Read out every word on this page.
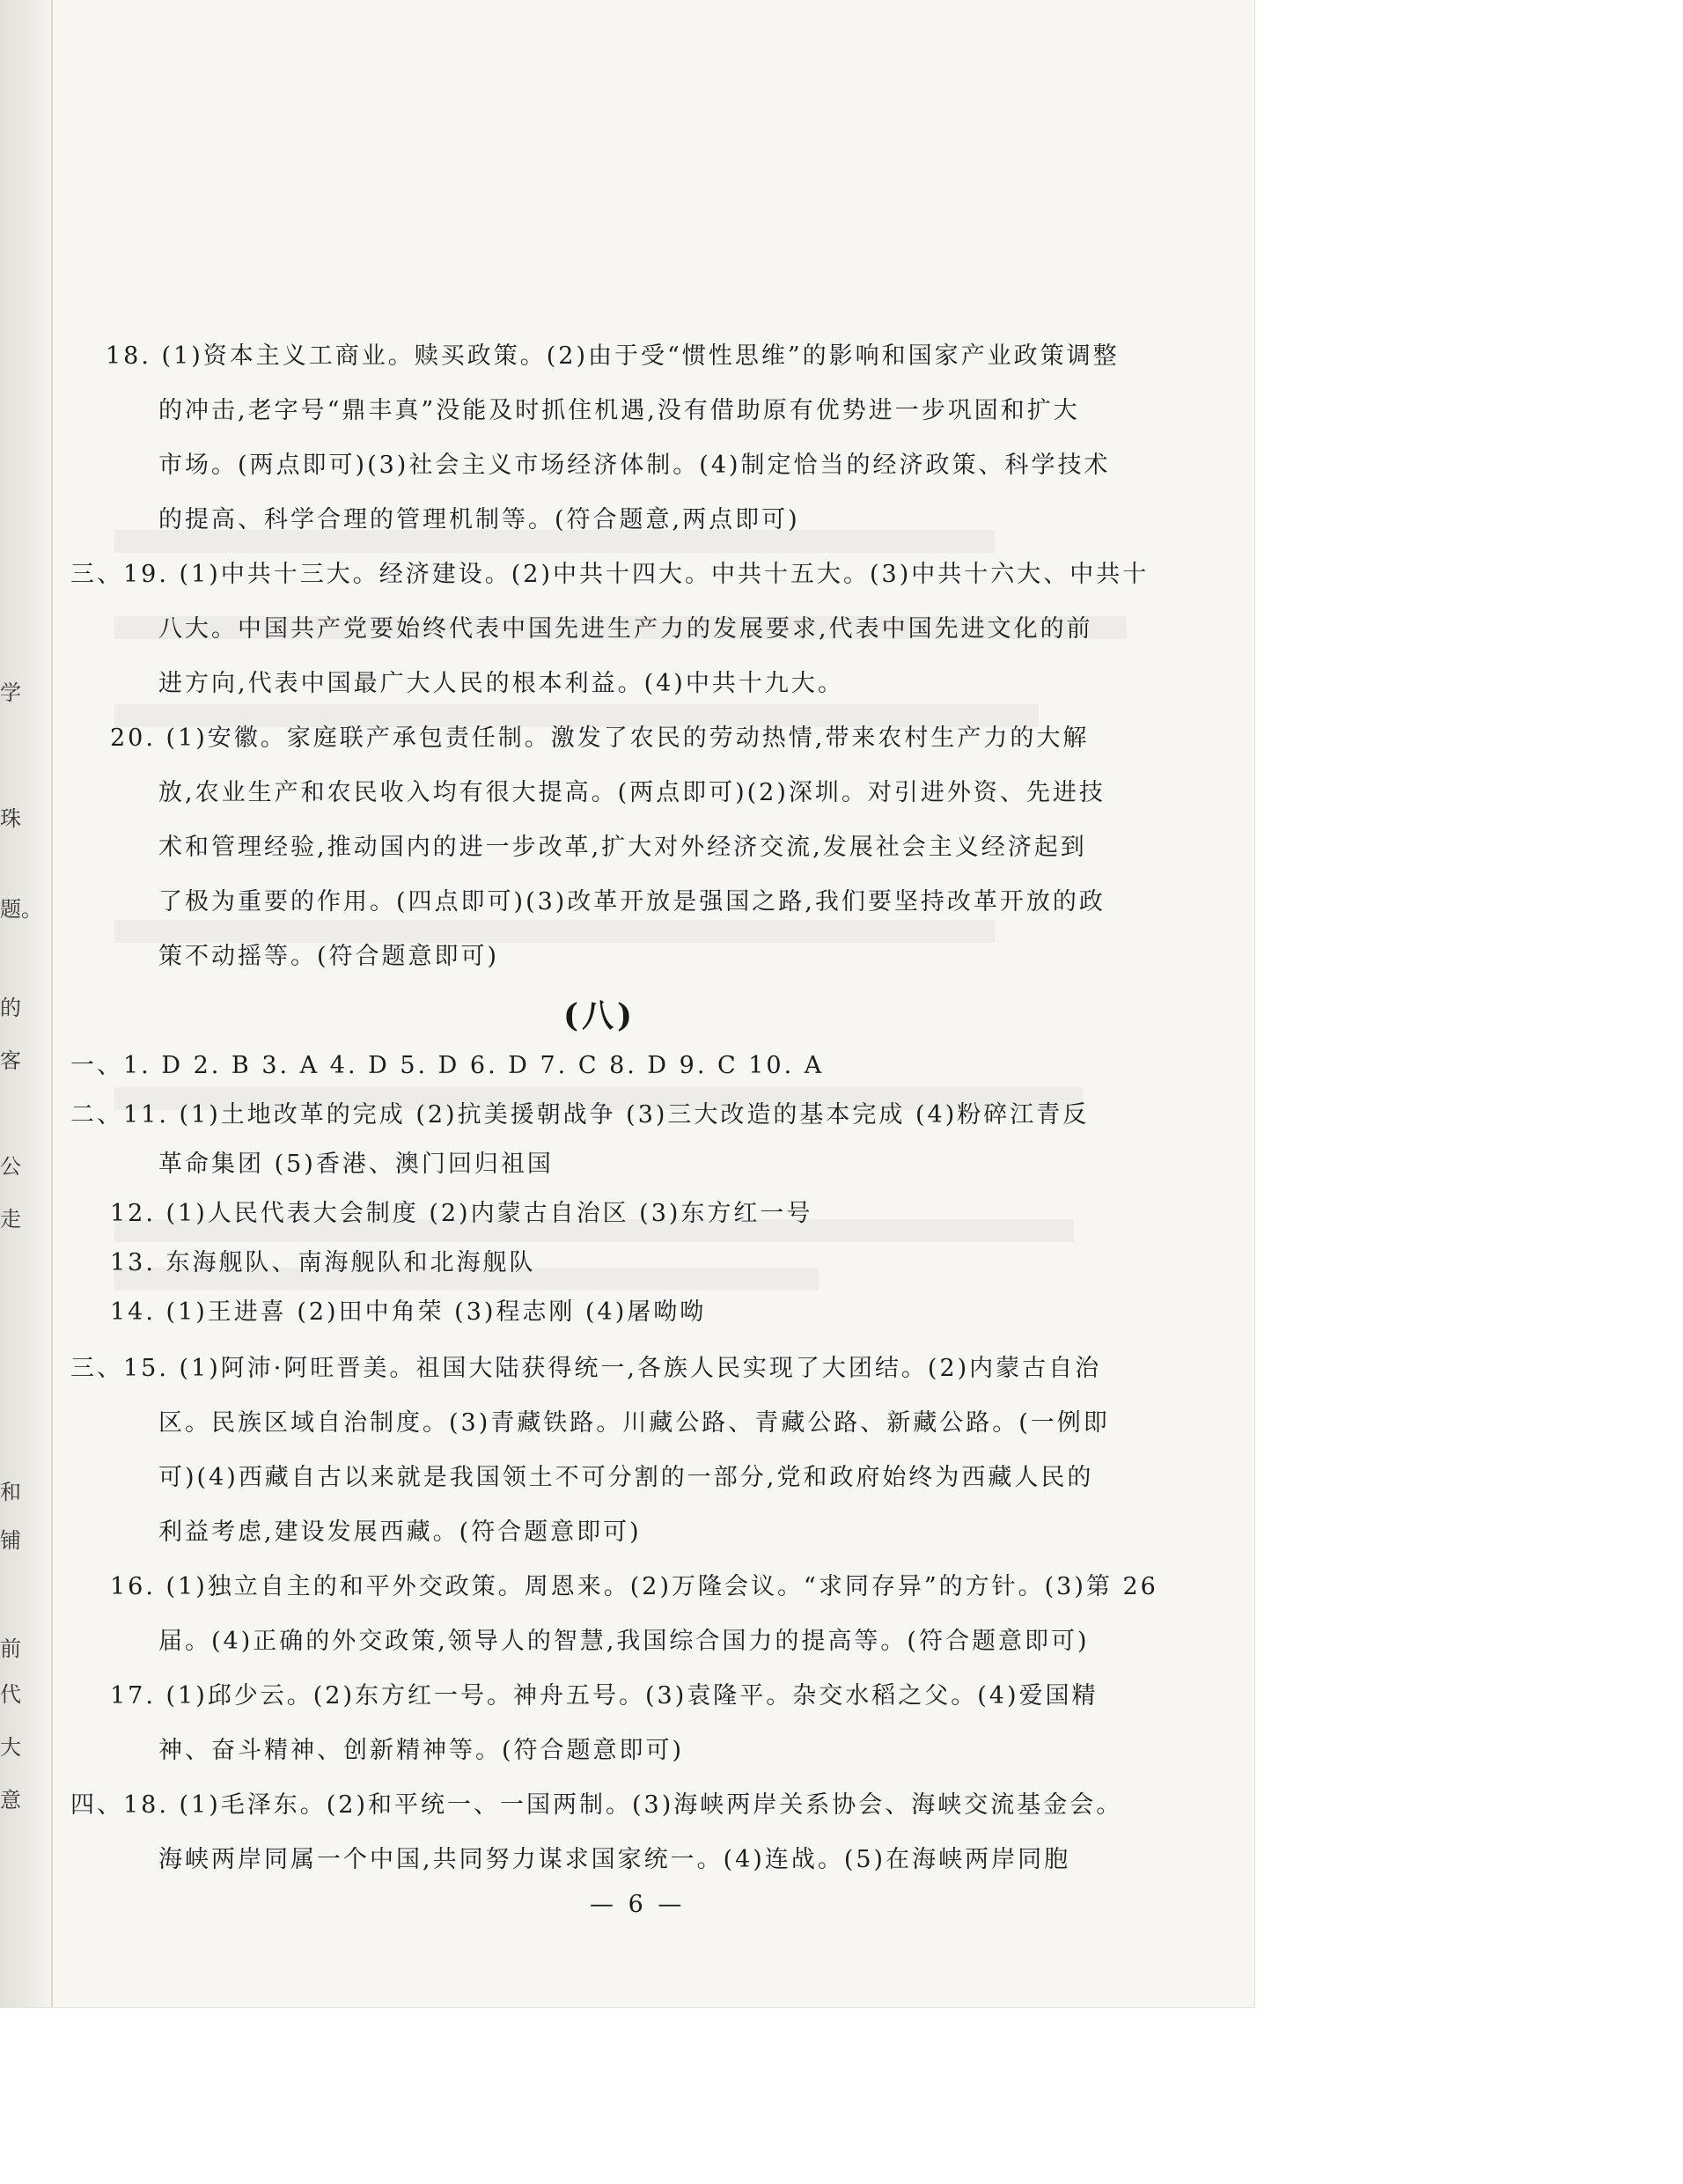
学
珠
题。
的
客
公
走
和
铺
前
代
大
意
18. (1)资本主义工商业。赎买政策。(2)由于受“惯性思维”的影响和国家产业政策调整
的冲击,老字号“鼎丰真”没能及时抓住机遇,没有借助原有优势进一步巩固和扩大
市场。(两点即可)(3)社会主义市场经济体制。(4)制定恰当的经济政策、科学技术
的提高、科学合理的管理机制等。(符合题意,两点即可)
三、19. (1)中共十三大。经济建设。(2)中共十四大。中共十五大。(3)中共十六大、中共十
八大。中国共产党要始终代表中国先进生产力的发展要求,代表中国先进文化的前
进方向,代表中国最广大人民的根本利益。(4)中共十九大。
20. (1)安徽。家庭联产承包责任制。激发了农民的劳动热情,带来农村生产力的大解
放,农业生产和农民收入均有很大提高。(两点即可)(2)深圳。对引进外资、先进技
术和管理经验,推动国内的进一步改革,扩大对外经济交流,发展社会主义经济起到
了极为重要的作用。(四点即可)(3)改革开放是强国之路,我们要坚持改革开放的政
策不动摇等。(符合题意即可)
(八)
一、1. D 2. B 3. A 4. D 5. D 6. D 7. C 8. D 9. C 10. A
二、11. (1)土地改革的完成 (2)抗美援朝战争 (3)三大改造的基本完成 (4)粉碎江青反
革命集团 (5)香港、澳门回归祖国
12. (1)人民代表大会制度 (2)内蒙古自治区 (3)东方红一号
13. 东海舰队、南海舰队和北海舰队
14. (1)王进喜 (2)田中角荣 (3)程志刚 (4)屠呦呦
三、15. (1)阿沛·阿旺晋美。祖国大陆获得统一,各族人民实现了大团结。(2)内蒙古自治
区。民族区域自治制度。(3)青藏铁路。川藏公路、青藏公路、新藏公路。(一例即
可)(4)西藏自古以来就是我国领土不可分割的一部分,党和政府始终为西藏人民的
利益考虑,建设发展西藏。(符合题意即可)
16. (1)独立自主的和平外交政策。周恩来。(2)万隆会议。“求同存异”的方针。(3)第 26
届。(4)正确的外交政策,领导人的智慧,我国综合国力的提高等。(符合题意即可)
17. (1)邱少云。(2)东方红一号。神舟五号。(3)袁隆平。杂交水稻之父。(4)爱国精
神、奋斗精神、创新精神等。(符合题意即可)
四、18. (1)毛泽东。(2)和平统一、一国两制。(3)海峡两岸关系协会、海峡交流基金会。
海峡两岸同属一个中国,共同努力谋求国家统一。(4)连战。(5)在海峡两岸同胞
— 6 —
